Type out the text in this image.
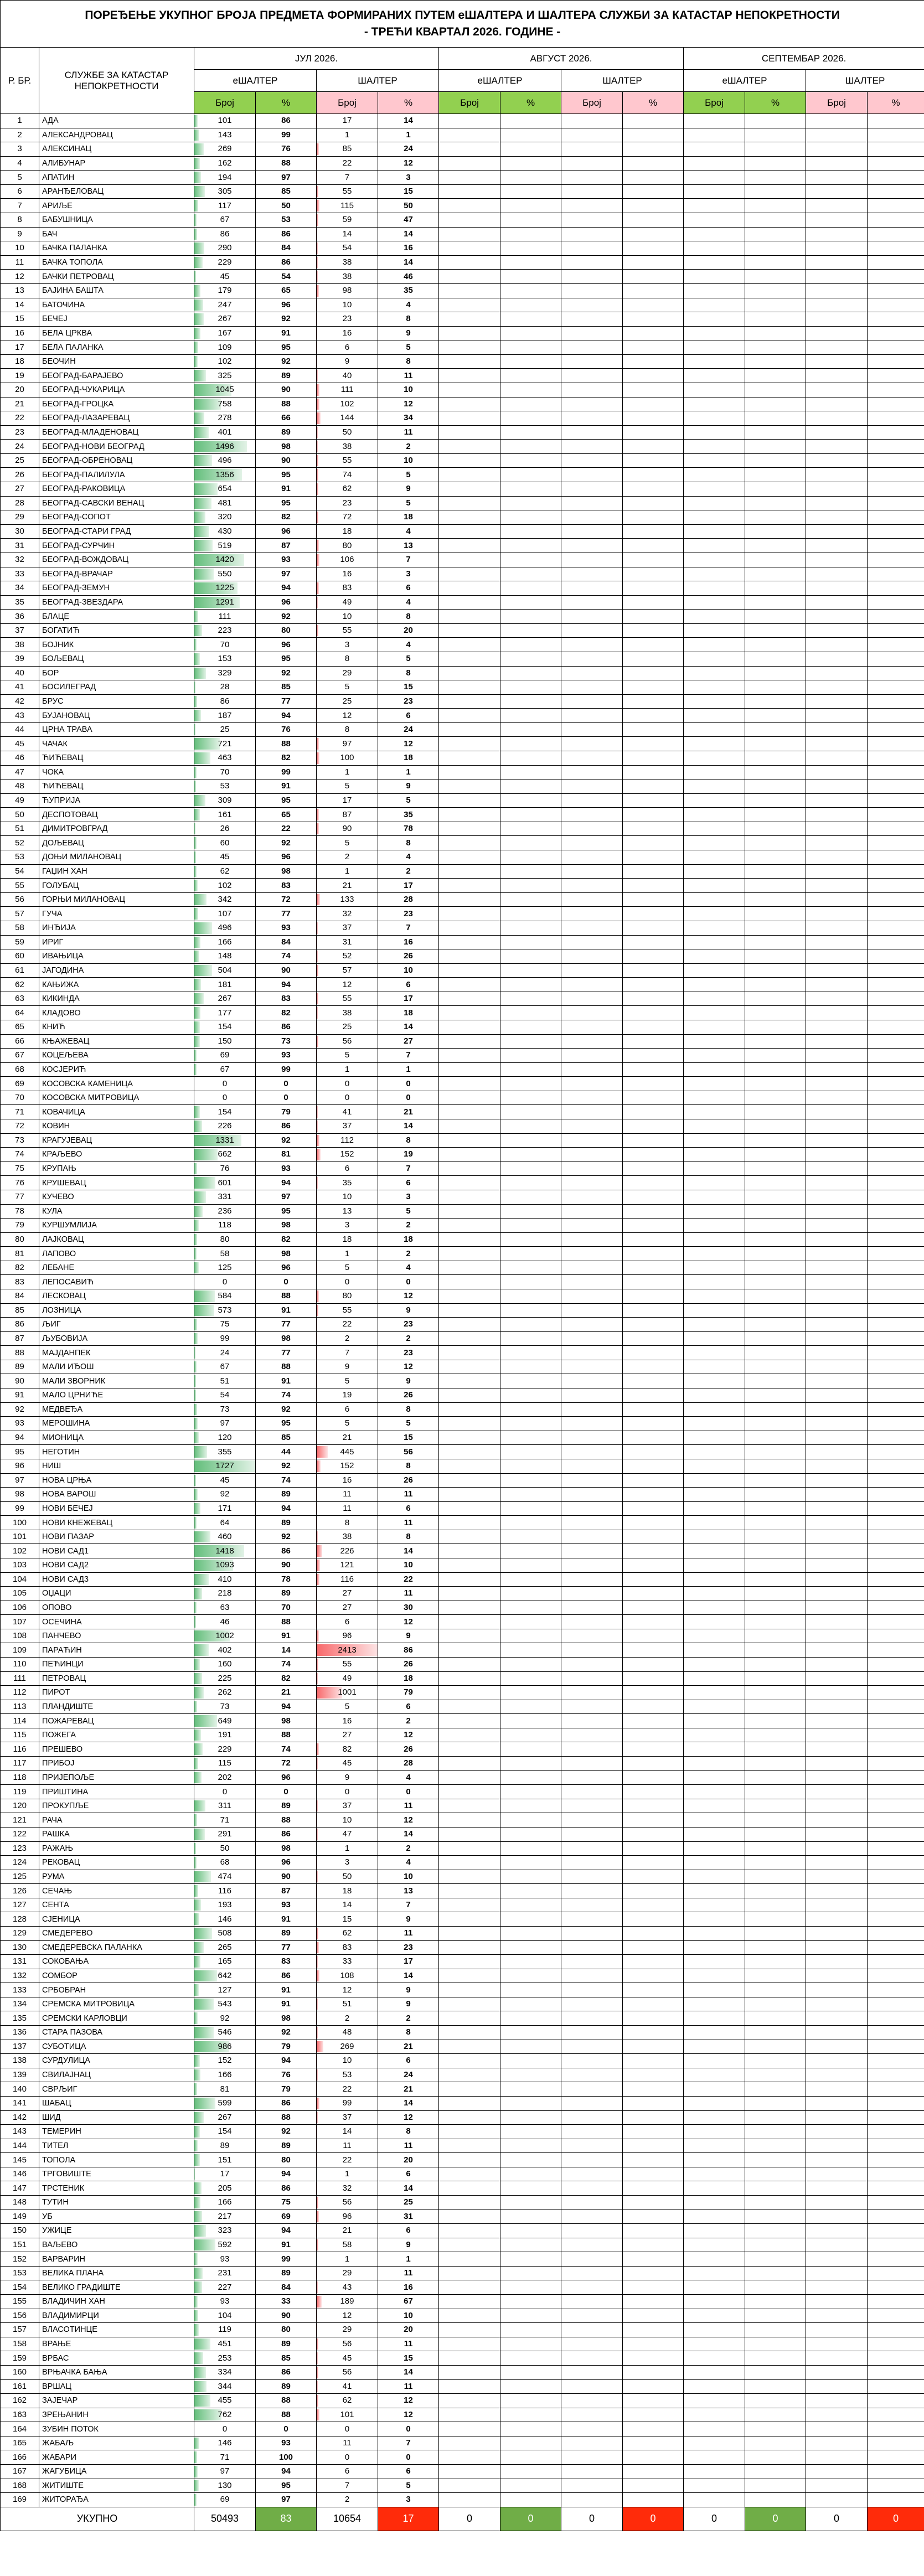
ПОРЕЂЕЊЕ УКУПНОГ БРОЈА ПРЕДМЕТА ФОРМИРАНИХ ПУТЕМ еШАЛТЕРА И ШАЛТЕРА СЛУЖБИ ЗА КАТАСТАР НЕПОКРЕТНОСТИ
- ТРЕЋИ КВАРТАЛ 2026. ГОДИНЕ -													

Р. БР.	СЛУЖБЕ ЗА КАТАСТАР НЕПОКРЕТНОСТИ	ЈУЛ 2026.				АВГУСТ 2026.				СЕПТЕМБАР 2026.			
		еШАЛТЕР		ШАЛТЕР		еШАЛТЕР		ШАЛТЕР		еШАЛТЕР		ШАЛТЕР	
		Број	%	Број	%	Број	%	Број	%	Број	%	Број	%
1	АДА	101	86	17	14								
2	АЛЕКСАНДРОВАЦ	143	99	1	1								
3	АЛЕКСИНАЦ	269	76	85	24								
4	АЛИБУНАР	162	88	22	12								
5	АПАТИН	194	97	7	3								
6	АРАНЂЕЛОВАЦ	305	85	55	15								
7	АРИЉЕ	117	50	115	50								
8	БАБУШНИЦА	67	53	59	47								
9	БАЧ	86	86	14	14								
10	БАЧКА ПАЛАНКА	290	84	54	16								
11	БАЧКА ТОПОЛА	229	86	38	14								
12	БАЧКИ ПЕТРОВАЦ	45	54	38	46								
13	БАЈИНА БАШТА	179	65	98	35								
14	БАТОЧИНА	247	96	10	4								
15	БЕЧЕЈ	267	92	23	8								
16	БЕЛА ЦРКВА	167	91	16	9								
17	БЕЛА ПАЛАНКА	109	95	6	5								
18	БЕОЧИН	102	92	9	8								
19	БЕОГРАД-БАРАЈЕВО	325	89	40	11								
20	БЕОГРАД-ЧУКАРИЦА	1045	90	111	10								
21	БЕОГРАД-ГРОЦКА	758	88	102	12								
22	БЕОГРАД-ЛАЗАРЕВАЦ	278	66	144	34								
23	БЕОГРАД-МЛАДЕНОВАЦ	401	89	50	11								
24	БЕОГРАД-НОВИ БЕОГРАД	1496	98	38	2								
25	БЕОГРАД-ОБРЕНОВАЦ	496	90	55	10								
26	БЕОГРАД-ПАЛИЛУЛА	1356	95	74	5								
27	БЕОГРАД-РАКОВИЦА	654	91	62	9								
28	БЕОГРАД-САВСКИ ВЕНАЦ	481	95	23	5								
29	БЕОГРАД-СОПОТ	320	82	72	18								
30	БЕОГРАД-СТАРИ ГРАД	430	96	18	4								
31	БЕОГРАД-СУРЧИН	519	87	80	13								
32	БЕОГРАД-ВОЖДОВАЦ	1420	93	106	7								
33	БЕОГРАД-ВРАЧАР	550	97	16	3								
34	БЕОГРАД-ЗЕМУН	1225	94	83	6								
35	БЕОГРАД-ЗВЕЗДАРА	1291	96	49	4								
36	БЛАЦЕ	111	92	10	8								
37	БОГАТИЋ	223	80	55	20								
38	БОЈНИК	70	96	3	4								
39	БОЉЕВАЦ	153	95	8	5								
40	БОР	329	92	29	8								
41	БОСИЛЕГРАД	28	85	5	15								
42	БРУС	86	77	25	23								
43	БУЈАНОВАЦ	187	94	12	6								
44	ЦРНА ТРАВА	25	76	8	24								
45	ЧАЧАК	721	88	97	12								
46	ЋИЋЕВАЦ	463	82	100	18								
47	ЧОКА	70	99	1	1								
48	ЋИЋЕВАЦ	53	91	5	9								
49	ЋУПРИЈА	309	95	17	5								
50	ДЕСПОТОВАЦ	161	65	87	35								
51	ДИМИТРОВГРАД	26	22	90	78								
52	ДОЉЕВАЦ	60	92	5	8								
53	ДОЊИ МИЛАНОВАЦ	45	96	2	4								
54	ГАЏИН ХАН	62	98	1	2								
55	ГОЛУБАЦ	102	83	21	17								
56	ГОРЊИ МИЛАНОВАЦ	342	72	133	28								
57	ГУЧА	107	77	32	23								
58	ИНЂИЈА	496	93	37	7								
59	ИРИГ	166	84	31	16								
60	ИВАЊИЦА	148	74	52	26								
61	ЈАГОДИНА	504	90	57	10								
62	КАЊИЖА	181	94	12	6								
63	КИКИНДА	267	83	55	17								
64	КЛАДОВО	177	82	38	18								
65	КНИЋ	154	86	25	14								
66	КЊАЖЕВАЦ	150	73	56	27								
67	КОЦЕЉЕВА	69	93	5	7								
68	КОСЈЕРИЋ	67	99	1	1								
69	КОСОВСКА КАМЕНИЦА	0	0	0	0								
70	КОСОВСКА МИТРОВИЦА	0	0	0	0								
71	КОВАЧИЦА	154	79	41	21								
72	КОВИН	226	86	37	14								
73	КРАГУЈЕВАЦ	1331	92	112	8								
74	КРАЉЕВО	662	81	152	19								
75	КРУПАЊ	76	93	6	7								
76	КРУШЕВАЦ	601	94	35	6								
77	КУЧЕВО	331	97	10	3								
78	КУЛА	236	95	13	5								
79	КУРШУМЛИЈА	118	98	3	2								
80	ЛАЈКОВАЦ	80	82	18	18								
81	ЛАПОВО	58	98	1	2								
82	ЛЕБАНЕ	125	96	5	4								
83	ЛЕПОСАВИЋ	0	0	0	0								
84	ЛЕСКОВАЦ	584	88	80	12								
85	ЛОЗНИЦА	573	91	55	9								
86	ЉИГ	75	77	22	23								
87	ЉУБОВИЈА	99	98	2	2								
88	МАЈДАНПЕК	24	77	7	23								
89	МАЛИ ИЂОШ	67	88	9	12								
90	МАЛИ ЗВОРНИК	51	91	5	9								
91	МАЛО ЦРНИЋЕ	54	74	19	26								
92	МЕДВЕЂА	73	92	6	8								
93	МЕРОШИНА	97	95	5	5								
94	МИОНИЦА	120	85	21	15								
95	НЕГОТИН	355	44	445	56								
96	НИШ	1727	92	152	8								
97	НОВА ЦРЊА	45	74	16	26								
98	НОВА ВАРОШ	92	89	11	11								
99	НОВИ БЕЧЕЈ	171	94	11	6								
100	НОВИ КНЕЖЕВАЦ	64	89	8	11								
101	НОВИ ПАЗАР	460	92	38	8								
102	НОВИ САД1	1418	86	226	14								
103	НОВИ САД2	1093	90	121	10								
104	НОВИ САД3	410	78	116	22								
105	ОЏАЦИ	218	89	27	11								
106	ОПОВО	63	70	27	30								
107	ОСЕЧИНА	46	88	6	12								
108	ПАНЧЕВО	1002	91	96	9								
109	ПАРАЋИН	402	14	2413	86								
110	ПЕЋИНЦИ	160	74	55	26								
111	ПЕТРОВАЦ	225	82	49	18								
112	ПИРОТ	262	21	1001	79								
113	ПЛАНДИШТЕ	73	94	5	6								
114	ПОЖАРЕВАЦ	649	98	16	2								
115	ПОЖЕГА	191	88	27	12								
116	ПРЕШЕВО	229	74	82	26								
117	ПРИБОЈ	115	72	45	28								
118	ПРИЈЕПОЉЕ	202	96	9	4								
119	ПРИШТИНА	0	0	0	0								
120	ПРОКУПЉЕ	311	89	37	11								
121	РАЧА	71	88	10	12								
122	РАШКА	291	86	47	14								
123	РАЖАЊ	50	98	1	2								
124	РЕКОВАЦ	68	96	3	4								
125	РУМА	474	90	50	10								
126	СЕЧАЊ	116	87	18	13								
127	СЕНТА	193	93	14	7								
128	СЈЕНИЦА	146	91	15	9								
129	СМЕДЕРЕВО	508	89	62	11								
130	СМЕДЕРЕВСКА ПАЛАНКА	265	77	83	23								
131	СОКОБАЊА	165	83	33	17								
132	СОМБОР	642	86	108	14								
133	СРБОБРАН	127	91	12	9								
134	СРЕМСКА МИТРОВИЦА	543	91	51	9								
135	СРЕМСКИ КАРЛОВЦИ	92	98	2	2								
136	СТАРА ПАЗОВА	546	92	48	8								
137	СУБОТИЦА	986	79	269	21								
138	СУРДУЛИЦА	152	94	10	6								
139	СВИЛАЈНАЦ	166	76	53	24								
140	СВРЉИГ	81	79	22	21								
141	ШАБАЦ	599	86	99	14								
142	ШИД	267	88	37	12								
143	ТЕМЕРИН	154	92	14	8								
144	ТИТЕЛ	89	89	11	11								
145	ТОПОЛА	151	80	22	20								
146	ТРГОВИШТЕ	17	94	1	6								
147	ТРСТЕНИК	205	86	32	14								
148	ТУТИН	166	75	56	25								
149	УБ	217	69	96	31								
150	УЖИЦЕ	323	94	21	6								
151	ВАЉЕВО	592	91	58	9								
152	ВАРВАРИН	93	99	1	1								
153	ВЕЛИКА ПЛАНА	231	89	29	11								
154	ВЕЛИКО ГРАДИШТЕ	227	84	43	16								
155	ВЛАДИЧИН ХАН	93	33	189	67								
156	ВЛАДИМИРЦИ	104	90	12	10								
157	ВЛАСОТИНЦЕ	119	80	29	20								
158	ВРАЊЕ	451	89	56	11								
159	ВРБАС	253	85	45	15								
160	ВРЊАЧКА БАЊА	334	86	56	14								
161	ВРШАЦ	344	89	41	11								
162	ЗАЈЕЧАР	455	88	62	12								
163	ЗРЕЊАНИН	762	88	101	12								
164	ЗУБИН ПОТОК	0	0	0	0								
165	ЖАБАЉ	146	93	11	7								
166	ЖАБАРИ	71	100	0	0								
167	ЖАГУБИЦА	97	94	6	6								
168	ЖИТИШТЕ	130	95	7	5								
169	ЖИТОРАЂА	69	97	2	3								
УКУПНО		50493	83	10654	17	0	0	0	0	0	0	0	0
